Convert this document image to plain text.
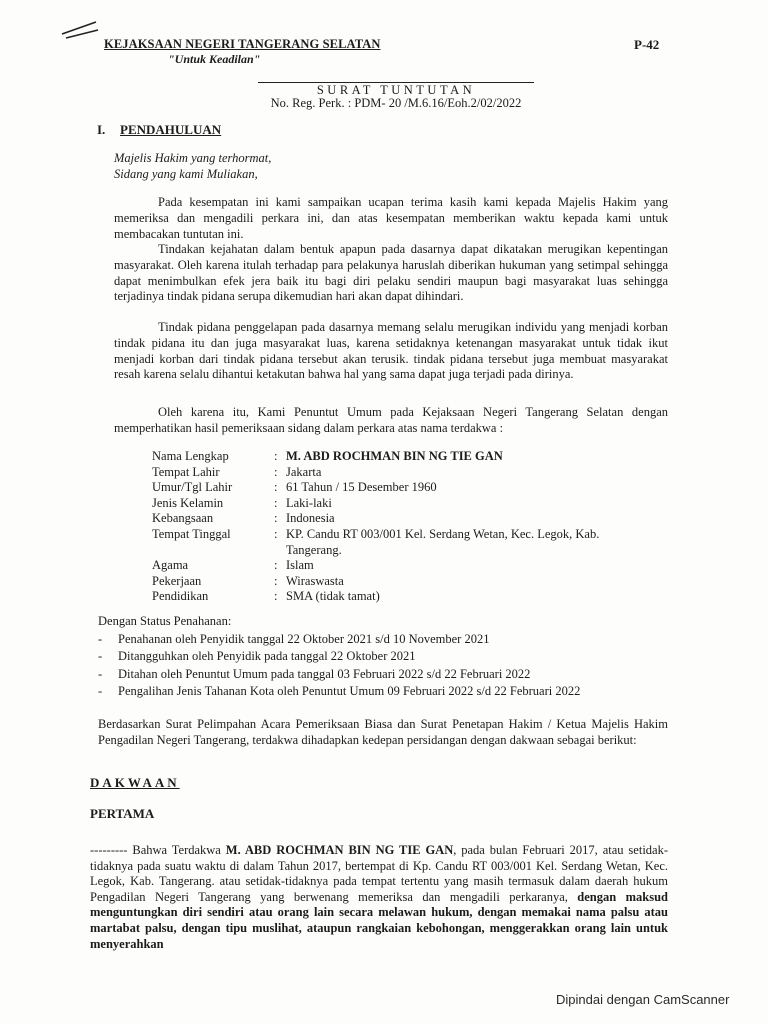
KEJAKSAAN NEGERI TANGERANG SELATAN
"Untuk Keadilan"
P-42
SURAT TUNTUTAN
No. Reg. Perk. : PDM- 20 /M.6.16/Eoh.2/02/2022
I. PENDAHULUAN
Majelis Hakim yang terhormat,
Sidang yang kami Muliakan,

Pada kesempatan ini kami sampaikan ucapan terima kasih kami kepada Majelis Hakim yang memeriksa dan mengadili perkara ini, dan atas kesempatan memberikan waktu kepada kami untuk membacakan tuntutan ini.

Tindakan kejahatan dalam bentuk apapun pada dasarnya dapat dikatakan merugikan kepentingan masyarakat. Oleh karena itulah terhadap para pelakunya haruslah diberikan hukuman yang setimpal sehingga dapat menimbulkan efek jera baik itu bagi diri pelaku sendiri maupun bagi masyarakat luas sehingga terjadinya tindak pidana serupa dikemudian hari akan dapat dihindari.

Tindak pidana penggelapan pada dasarnya memang selalu merugikan individu yang menjadi korban tindak pidana itu dan juga masyarakat luas, karena setidaknya ketenangan masyarakat untuk tidak ikut menjadi korban dari tindak pidana tersebut akan terusik. tindak pidana tersebut juga membuat masyarakat resah karena selalu dihantui ketakutan bahwa hal yang sama dapat juga terjadi pada dirinya.

Oleh karena itu, Kami Penuntut Umum pada Kejaksaan Negeri Tangerang Selatan dengan memperhatikan hasil pemeriksaan sidang dalam perkara atas nama terdakwa :

Nama Lengkap	:	M. ABD ROCHMAN BIN NG TIE GAN
Tempat Lahir	:	Jakarta
Umur/Tgl Lahir	:	61 Tahun / 15 Desember 1960
Jenis Kelamin	:	Laki-laki
Kebangsaan	:	Indonesia
Tempat Tinggal	:	KP. Candu RT 003/001 Kel. Serdang Wetan, Kec. Legok, Kab. Tangerang.
Agama	:	Islam
Pekerjaan	:	Wiraswasta
Pendidikan	:	SMA (tidak tamat)
Dengan Status Penahanan:
- Penahanan oleh Penyidik tanggal 22 Oktober 2021 s/d 10 November 2021
- Ditangguhkan oleh Penyidik pada tanggal 22 Oktober 2021
- Ditahan oleh Penuntut Umum pada tanggal 03 Februari 2022 s/d 22 Februari 2022
- Pengalihan Jenis Tahanan Kota oleh Penuntut Umum 09 Februari 2022 s/d 22 Februari 2022

Berdasarkan Surat Pelimpahan Acara Pemeriksaan Biasa dan Surat Penetapan Hakim / Ketua Majelis Hakim Pengadilan Negeri Tangerang, terdakwa dihadapkan kedepan persidangan dengan dakwaan sebagai berikut:

DAKWAAN
PERTAMA

--------- Bahwa Terdakwa M. ABD ROCHMAN BIN NG TIE GAN, pada bulan Februari 2017, atau setidak-tidaknya pada suatu waktu di dalam Tahun 2017, bertempat di Kp. Candu RT 003/001 Kel. Serdang Wetan, Kec. Legok, Kab. Tangerang. atau setidak-tidaknya pada tempat tertentu yang masih termasuk dalam daerah hukum Pengadilan Negeri Tangerang yang berwenang memeriksa dan mengadili perkaranya, dengan maksud menguntungkan diri sendiri atau orang lain secara melawan hukum, dengan memakai nama palsu atau martabat palsu, dengan tipu muslihat, ataupun rangkaian kebohongan, menggerakkan orang lain untuk menyerahkan

Dipindai dengan CamScanner
